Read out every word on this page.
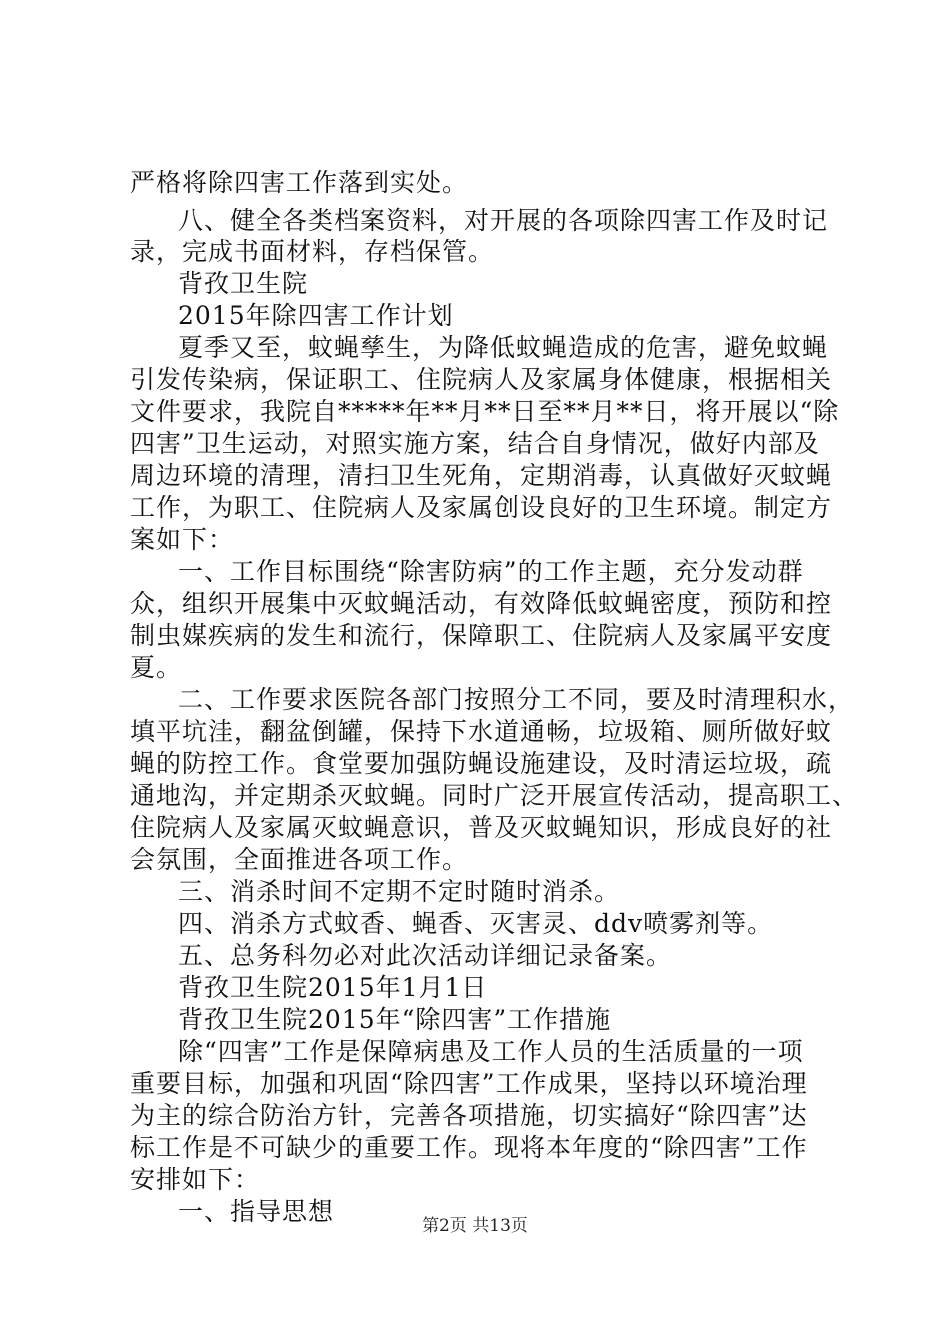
严格将除四害工作落到实处。
八、健全各类档案资料，对开展的各项除四害工作及时记
录，完成书面材料，存档保管。
背孜卫生院
2015年除四害工作计划
夏季又至，蚊蝇孳生，为降低蚊蝇造成的危害，避免蚊蝇
引发传染病，保证职工、住院病人及家属身体健康，根据相关
文件要求，我院自*****年**月**日至**月**日，将开展以“除
四害”卫生运动，对照实施方案，结合自身情况，做好内部及
周边环境的清理，清扫卫生死角，定期消毒，认真做好灭蚊蝇
工作，为职工、住院病人及家属创设良好的卫生环境。制定方
案如下：
一、工作目标围绕“除害防病”的工作主题，充分发动群
众，组织开展集中灭蚊蝇活动，有效降低蚊蝇密度，预防和控
制虫媒疾病的发生和流行，保障职工、住院病人及家属平安度
夏。
二、工作要求医院各部门按照分工不同，要及时清理积水，
填平坑洼，翻盆倒罐，保持下水道通畅，垃圾箱、厕所做好蚊
蝇的防控工作。食堂要加强防蝇设施建设，及时清运垃圾，疏
通地沟，并定期杀灭蚊蝇。同时广泛开展宣传活动，提高职工、
住院病人及家属灭蚊蝇意识，普及灭蚊蝇知识，形成良好的社
会氛围，全面推进各项工作。
三、消杀时间不定期不定时随时消杀。
四、消杀方式蚊香、蝇香、灭害灵、ddv喷雾剂等。
五、总务科勿必对此次活动详细记录备案。
背孜卫生院2015年1月1日
背孜卫生院2015年“除四害”工作措施
除“四害”工作是保障病患及工作人员的生活质量的一项
重要目标，加强和巩固“除四害”工作成果，坚持以环境治理
为主的综合防治方针，完善各项措施，切实搞好“除四害”达
标工作是不可缺少的重要工作。现将本年度的“除四害”工作
安排如下：
一、指导思想	第2页 共13页
